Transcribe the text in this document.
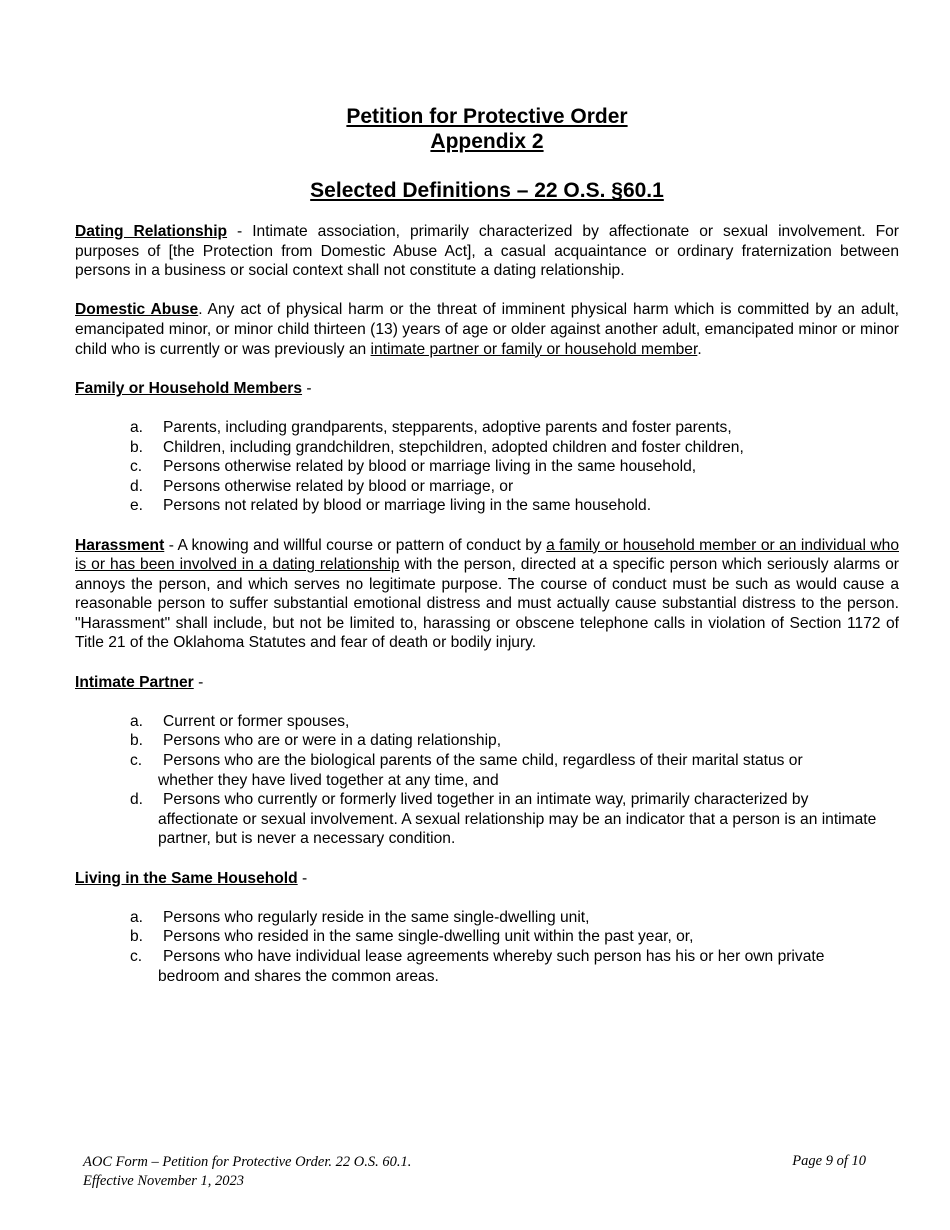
Petition for Protective Order

Appendix 2

Selected Definitions – 22 O.S. §60.1

Dating Relationship - Intimate association, primarily characterized by affectionate or sexual involvement. For purposes of [the Protection from Domestic Abuse Act], a casual acquaintance or ordinary fraternization between persons in a business or social context shall not constitute a dating relationship.

Domestic Abuse. Any act of physical harm or the threat of imminent physical harm which is committed by an adult, emancipated minor, or minor child thirteen (13) years of age or older against another adult, emancipated minor or minor child who is currently or was previously an intimate partner or family or household member.

Family or Household Members -

a. Parents, including grandparents, stepparents, adoptive parents and foster parents,

b. Children, including grandchildren, stepchildren, adopted children and foster children,

c. Persons otherwise related by blood or marriage living in the same household,

d. Persons otherwise related by blood or marriage, or

e. Persons not related by blood or marriage living in the same household.

Harassment - A knowing and willful course or pattern of conduct by a family or household member or an individual who is or has been involved in a dating relationship with the person, directed at a specific person which seriously alarms or annoys the person, and which serves no legitimate purpose. The course of conduct must be such as would cause a reasonable person to suffer substantial emotional distress and must actually cause substantial distress to the person. "Harassment" shall include, but not be limited to, harassing or obscene telephone calls in violation of Section 1172 of Title 21 of the Oklahoma Statutes and fear of death or bodily injury.

Intimate Partner -

a. Current or former spouses,

b. Persons who are or were in a dating relationship,

c. Persons who are the biological parents of the same child, regardless of their marital status or
whether they have lived together at any time, and

d. Persons who currently or formerly lived together in an intimate way, primarily characterized by
affectionate or sexual involvement. A sexual relationship may be an indicator that a person is an intimate partner, but is never a necessary condition.

Living in the Same Household -

a. Persons who regularly reside in the same single-dwelling unit,

b. Persons who resided in the same single-dwelling unit within the past year, or,

c. Persons who have individual lease agreements whereby such person has his or her own private
bedroom and shares the common areas.

AOC Form – Petition for Protective Order. 22 O.S. 60.1.
Effective November 1, 2023
Page 9 of 10
